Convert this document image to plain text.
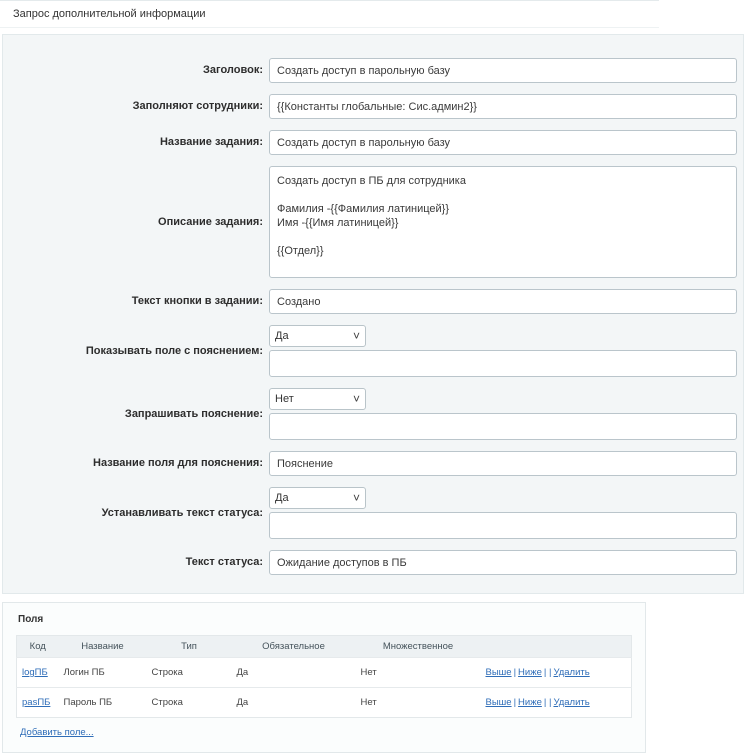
Запрос дополнительной информации
Заголовок:
Создать доступ в парольную базу
Заполняют сотрудники:
{{Константы глобальные: Сис.админ2}}
Название задания:
Создать доступ в парольную базу
Описание задания:
Создать доступ в ПБ для сотрудника Фамилия -{{Фамилия латиницей}} Имя -{{Имя латиницей}} {{Отдел}}
Текст кнопки в задании:
Создано
Показывать поле с пояснением:
Да
˅
Запрашивать пояснение:
Нет
˅
Название поля для пояснения:
Пояснение
Устанавливать текст статуса:
Да
˅
Текст статуса:
Ожидание доступов в ПБ
Поля
Код	Название	Тип	Обязательное	Множественное	
logПБ	Логин ПБ	Строка	Да	Нет	Выше | Ниже | | Удалить
pasПБ	Пароль ПБ	Строка	Да	Нет	Выше | Ниже | | Удалить
Добавить поле...
